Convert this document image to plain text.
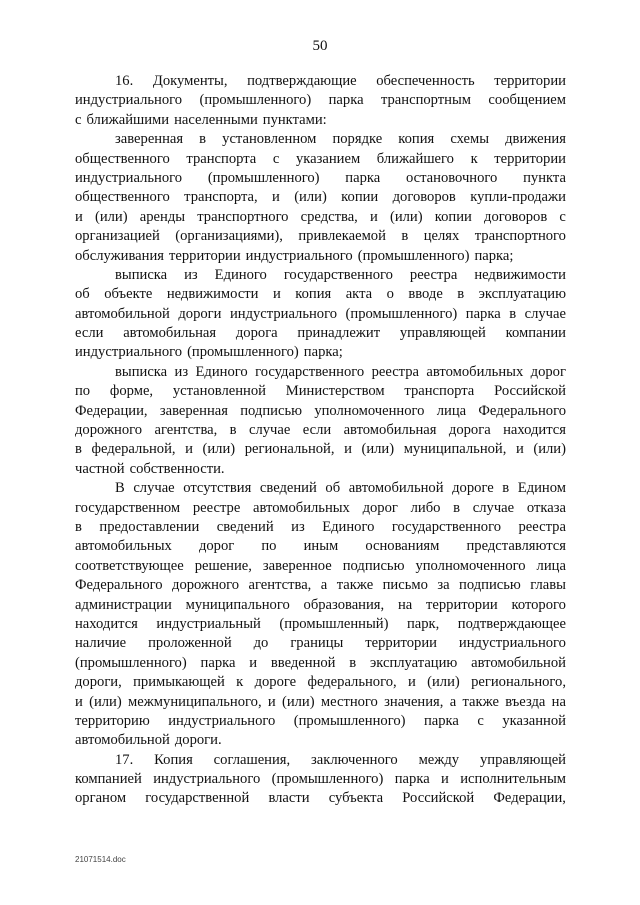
50
16. Документы, подтверждающие обеспеченность территории
индустриального (промышленного) парка транспортным сообщением
с ближайшими населенными пунктами:
заверенная в установленном порядке копия схемы движения
общественного транспорта с указанием ближайшего к территории
индустриального (промышленного) парка остановочного пункта
общественного транспорта, и (или) копии договоров купли-продажи
и (или) аренды транспортного средства, и (или) копии договоров с
организацией (организациями), привлекаемой в целях транспортного
обслуживания территории индустриального (промышленного) парка;
выписка из Единого государственного реестра недвижимости
об объекте недвижимости и копия акта о вводе в эксплуатацию
автомобильной дороги индустриального (промышленного) парка в случае
если автомобильная дорога принадлежит управляющей компании
индустриального (промышленного) парка;
выписка из Единого государственного реестра автомобильных дорог
по форме, установленной Министерством транспорта Российской
Федерации, заверенная подписью уполномоченного лица Федерального
дорожного агентства, в случае если автомобильная дорога находится
в федеральной, и (или) региональной, и (или) муниципальной, и (или)
частной собственности.
В случае отсутствия сведений об автомобильной дороге в Едином
государственном реестре автомобильных дорог либо в случае отказа
в предоставлении сведений из Единого государственного реестра
автомобильных дорог по иным основаниям представляются
соответствующее решение, заверенное подписью уполномоченного лица
Федерального дорожного агентства, а также письмо за подписью главы
администрации муниципального образования, на территории которого
находится индустриальный (промышленный) парк, подтверждающее
наличие проложенной до границы территории индустриального
(промышленного) парка и введенной в эксплуатацию автомобильной
дороги, примыкающей к дороге федерального, и (или) регионального,
и (или) межмуниципального, и (или) местного значения, а также въезда на
территорию индустриального (промышленного) парка с указанной
автомобильной дороги.
17. Копия соглашения, заключенного между управляющей
компанией индустриального (промышленного) парка и исполнительным
органом государственной власти субъекта Российской Федерации,
21071514.doc
